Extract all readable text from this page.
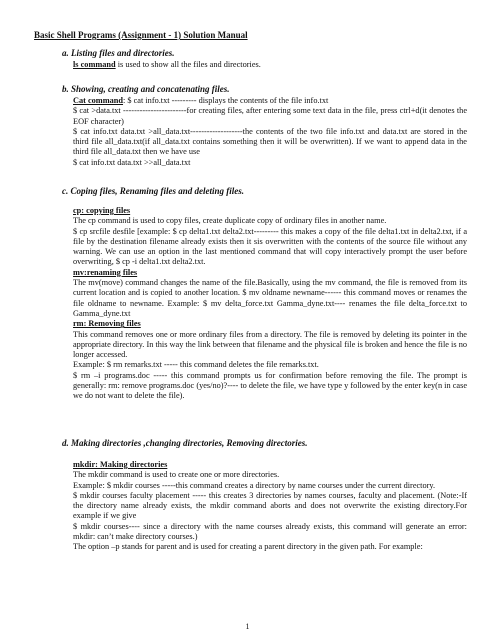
Basic Shell Programs (Assignment - 1) Solution Manual
a. Listing files and directories.

ls command is used to show all the files and directories.

b. Showing, creating and concatenating files.

Cat command: $ cat info.txt --------- displays the contents of the file info.txt

$ cat >data.txt -----------------------for creating files, after entering some text data in the file, press ctrl+d(it denotes the EOF character)

$ cat info.txt data.txt >all_data.txt-------------------the contents of the two file info.txt and data.txt are stored in the third file all_data.txt(if all_data.txt contains something then it will be overwritten). If we want to append data in the third file all_data.txt then we have use

$ cat info.txt data.txt >>all_data.txt

c. Coping files, Renaming files and deleting files.

cp: copying files

The cp command is used to copy files, create duplicate copy of ordinary files in another name.

$ cp srcfile desfile [example: $ cp delta1.txt delta2.txt--------- this makes a copy of the file delta1.txt in delta2.txt, if a file by the destination filename already exists then it sis overwritten with the contents of the source file without any warning. We can use an option in the last mentioned command that will copy interactively prompt the user before overwriting, $ cp -i delta1.txt delta2.txt.

mv:renaming files

The mv(move) command changes the name of the file.Basically, using the mv command, the file is removed from its current location and is copied to another location. $ mv oldname newname------ this command moves or renames the file oldname to newname. Example: $ mv delta_force.txt Gamma_dyne.txt---- renames the file delta_force.txt to Gamma_dyne.txt

rm: Removing files

This command removes one or more ordinary files from a directory. The file is removed by deleting its pointer in the appropriate directory. In this way the link between that filename and the physical file is broken and hence the file is no longer accessed.

Example: $ rm remarks.txt ----- this command deletes the file remarks.txt.

$ rm –i programs.doc ----- this command prompts us for confirmation before removing the file. The prompt is generally: rm: remove programs.doc (yes/no)?---- to delete the file, we have type y followed by the enter key(n in case we do not want to delete the file).

d. Making directories ,changing directories, Removing directories.

mkdir: Making directories

The mkdir command is used to create one or more directories.

Example: $ mkdir courses -----this command creates a directory by name courses under the current directory.

$ mkdir courses faculty placement ----- this creates 3 directories by names courses, faculty and placement. (Note:-If the directory name already exists, the mkdir command aborts and does not overwrite the existing directory.For example if we give

$ mkdir courses---- since a directory with the name courses already exists, this command will generate an error: mkdir: can’t make directory courses.)

The option –p stands for parent and is used for creating a parent directory in the given path. For example:

1
